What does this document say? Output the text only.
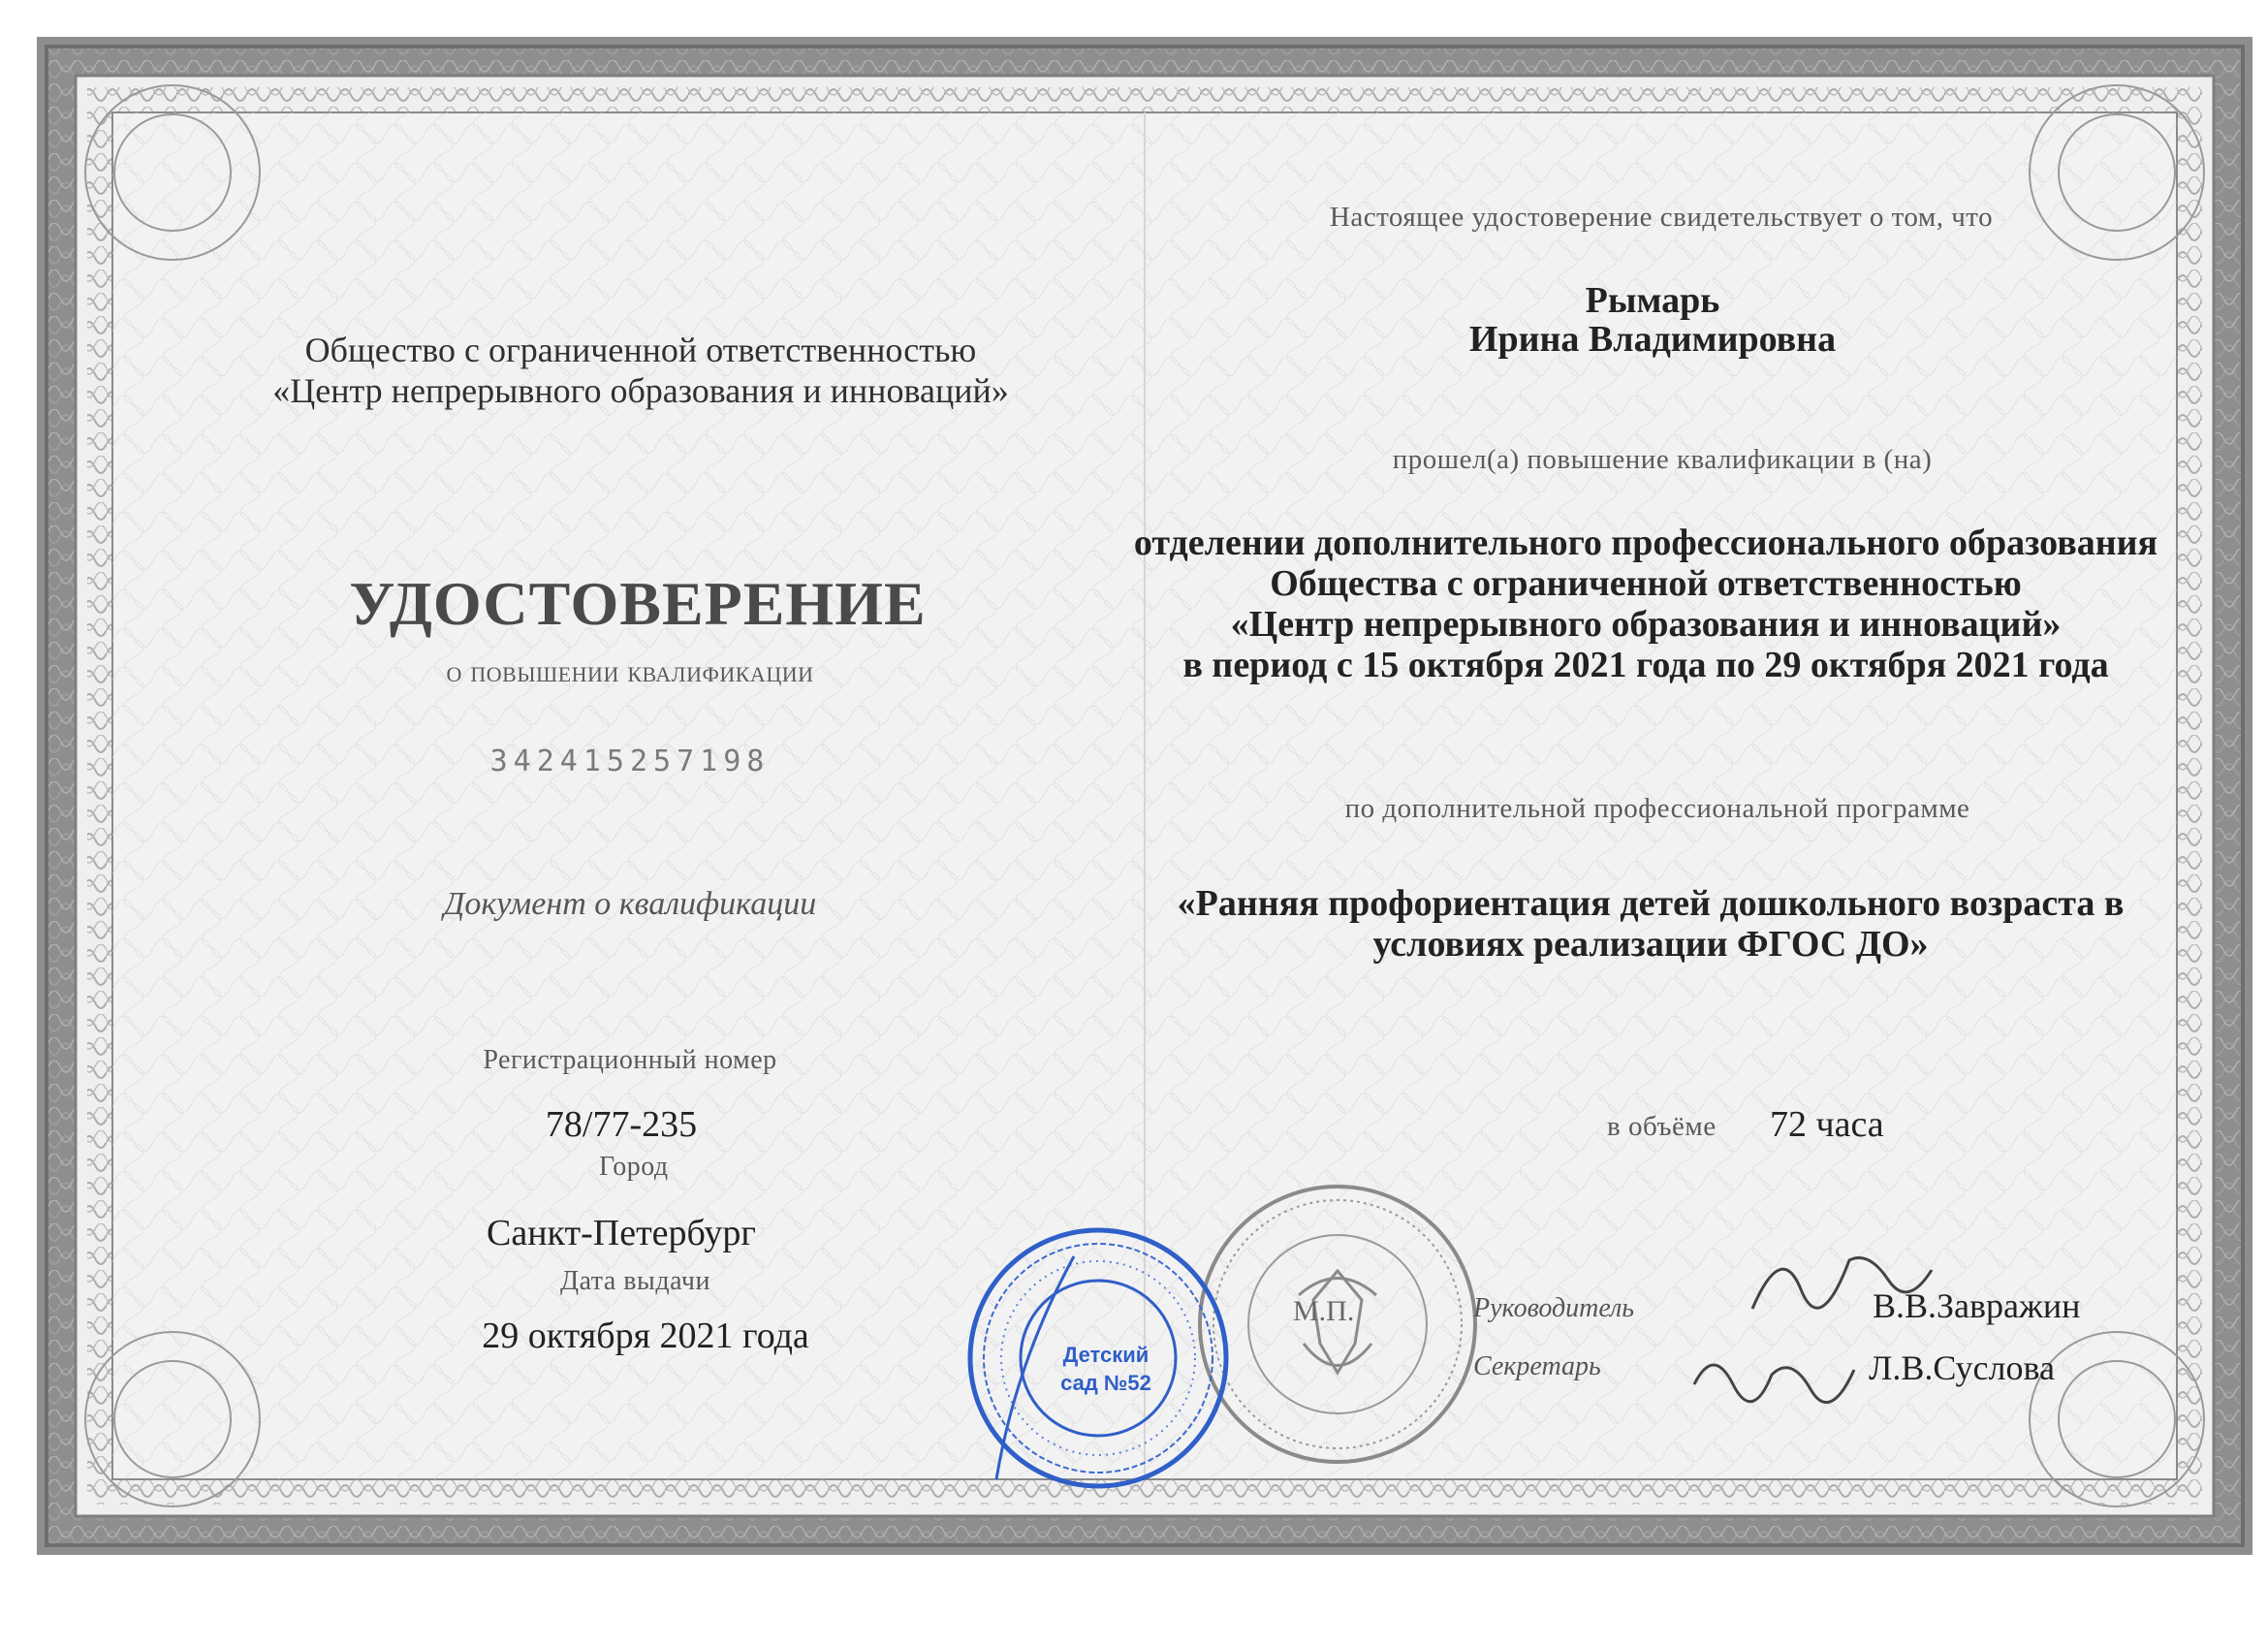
Общество с ограниченной ответственностью
«Центр непрерывного образования и инноваций»
УДОСТОВЕРЕНИЕ
о повышении квалификации
342415257198
Документ о квалификации
Регистрационный номер
78/77-235
Город
Санкт-Петербург
Дата выдачи
29 октября 2021 года
Настоящее удостоверение свидетельствует о том, что
Рымарь
Ирина Владимировна
прошел(а) повышение квалификации в (на)
отделении дополнительного профессионального образования
Общества с ограниченной ответственностью
«Центр непрерывного образования и инноваций»
в период с 15 октября 2021 года по 29 октября 2021 года
по дополнительной профессиональной программе
«Ранняя профориентация детей дошкольного возраста в
условиях реализации ФГОС ДО»
в объёме 72 часа
М.П.
Детский
сад №52
Руководитель	В.В.Завражин
Секретарь	Л.В.Суслова
